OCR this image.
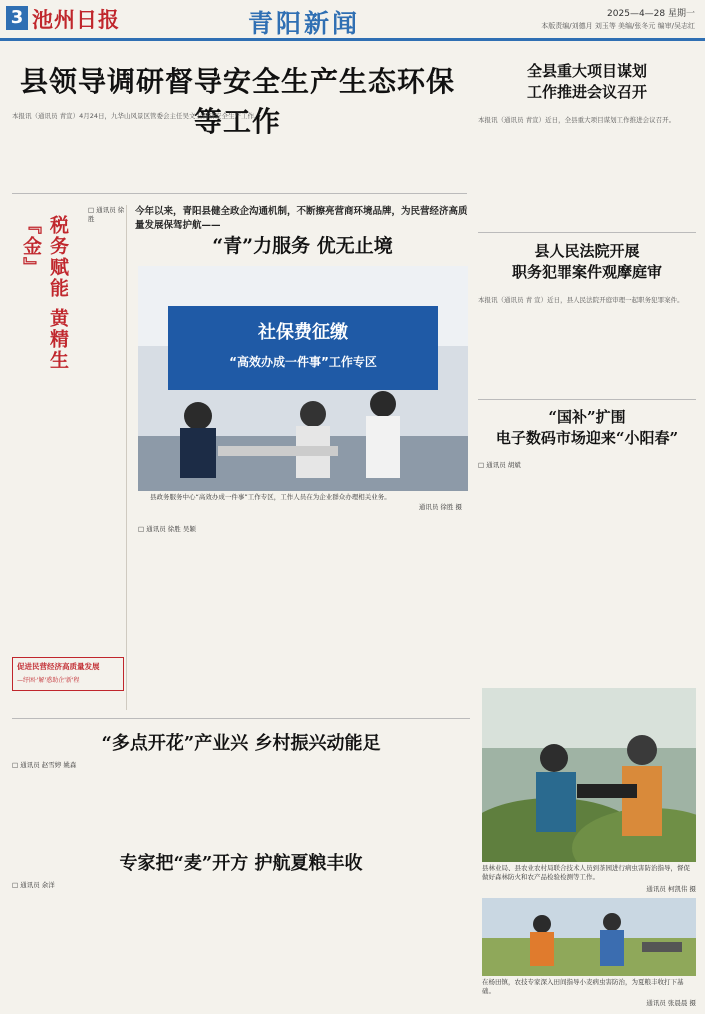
3 池州日报	青阳新闻	2025—4—28 星期一
本版责编/刘德月 刘玉等 美编/张冬元 编审/吴志红
县领导调研督导安全生产生态环保等工作
本报讯（通讯员 青宣）4月24日，九华山风景区管委会主任吴文上调研安全生产工作。
全县重大项目谋划
工作推进会议召开
本报讯（通讯员 青宣）近日，全县重大项目谋划工作推进会议召开。
□ 通讯员 徐胜
税务赋能 黄精生『金』
促进民营经济高质量发展
—纾困·'解'惑助企'新'程
今年以来，青阳县健全政企沟通机制，不断擦亮营商环境品牌，为民营经济高质量发展保驾护航——
“青”力服务 优无止境
社保费征缴
“高效办成一件事”工作专区
县政务服务中心“高效办成一件事”工作专区，工作人员在为企业群众办理相关业务。
通讯员 徐胜 摄
□ 通讯员 徐胜 吴颖
县人民法院开展
职务犯罪案件观摩庭审
本报讯（通讯员 青 宣）近日，县人民法院开庭审理一起职务犯罪案件。
“国补”扩围
电子数码市场迎来“小阳春”
□ 通讯员 胡斌
“多点开花”产业兴 乡村振兴动能足
□ 通讯员 赵雪婷 姚森
县林业局、县农业农村局联合技术人员到茶园进行病虫害防治指导，督促做好森林防火和农产品检验检测等工作。
通讯员 柯凯伟 摄
专家把“麦”开方 护航夏粮丰收
□ 通讯员 余洋
在杨田镇，农技专家深入田间指导小麦病虫害防治，为夏粮丰收打下基础。
通讯员 张晨晨 摄
